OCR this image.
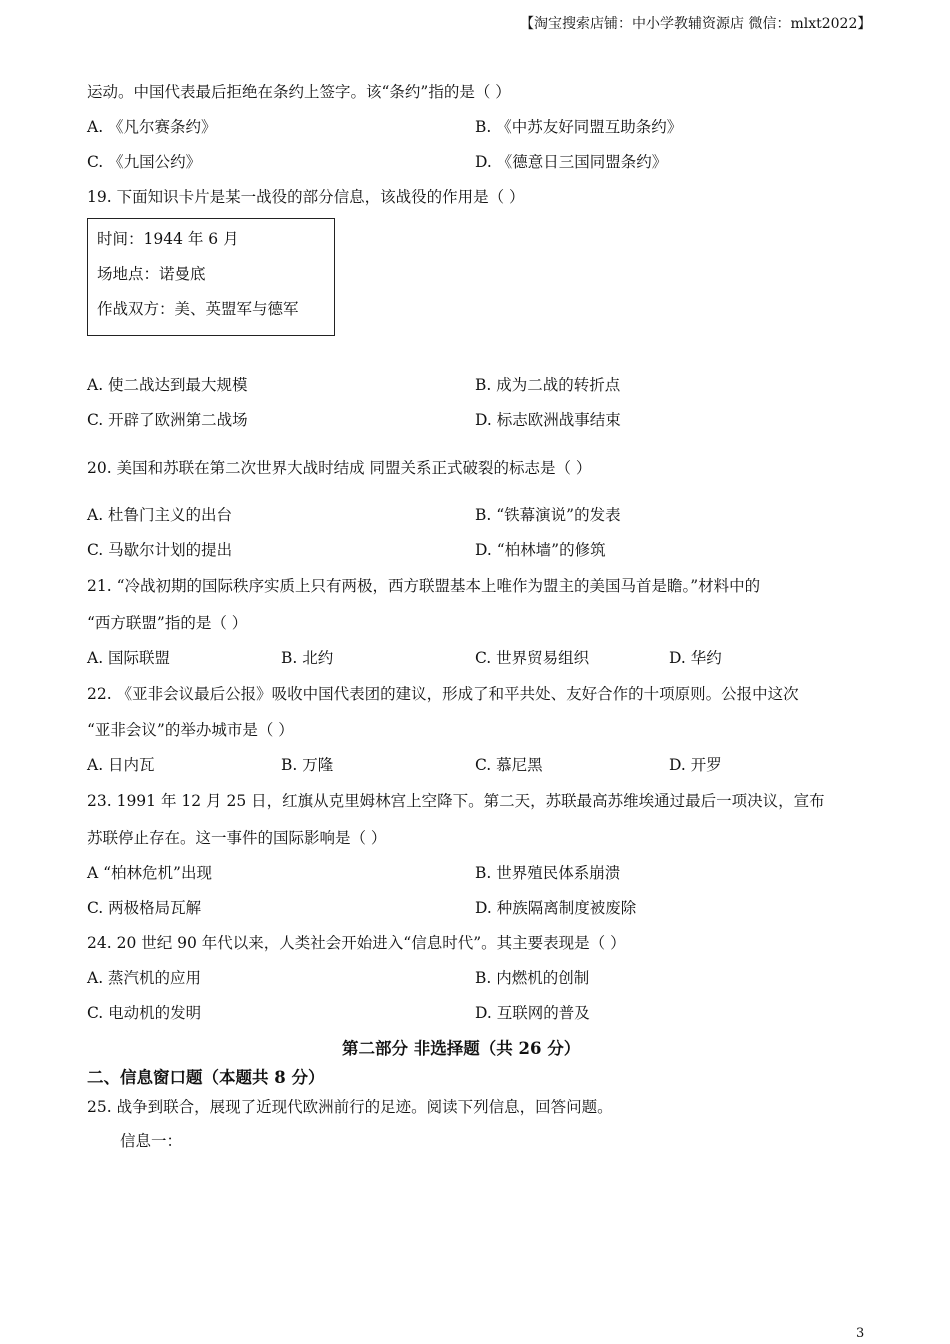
【淘宝搜索店铺：中小学教辅资源店 微信：mlxt2022】
运动。中国代表最后拒绝在条约上签字。该“条约”指的是（ ）
A. 《凡尔赛条约》	B. 《中苏友好同盟互助条约》
C. 《九国公约》	D. 《德意日三国同盟条约》
19. 下面知识卡片是某一战役的部分信息，该战役的作用是（ ）
时间：1944 年 6 月
场地点：诺曼底
作战双方：美、英盟军与德军
A. 使二战达到最大规模	B. 成为二战的转折点
C. 开辟了欧洲第二战场	D. 标志欧洲战事结束
20. 美国和苏联在第二次世界大战时结成 同盟关系正式破裂的标志是（ ）
A. 杜鲁门主义的出台	B. “铁幕演说”的发表
C. 马歇尔计划的提出	D. “柏林墙”的修筑
21. “冷战初期的国际秩序实质上只有两极，西方联盟基本上唯作为盟主的美国马首是瞻。”材料中的
“西方联盟”指的是（ ）
A. 国际联盟	B. 北约	C. 世界贸易组织	D. 华约
22. 《亚非会议最后公报》吸收中国代表团的建议，形成了和平共处、友好合作的十项原则。公报中这次
“亚非会议”的举办城市是（ ）
A. 日内瓦	B. 万隆	C. 慕尼黑	D. 开罗
23. 1991 年 12 月 25 日，红旗从克里姆林宫上空降下。第二天，苏联最高苏维埃通过最后一项决议，宣布
苏联停止存在。这一事件的国际影响是（ ）
A “柏林危机”出现	B. 世界殖民体系崩溃
C. 两极格局瓦解	D. 种族隔离制度被废除
24. 20 世纪 90 年代以来，人类社会开始进入“信息时代”。其主要表现是（ ）
A. 蒸汽机的应用	B. 内燃机的创制
C. 电动机的发明	D. 互联网的普及
第二部分 非选择题（共 26 分）
二、信息窗口题（本题共 8 分）
25. 战争到联合，展现了近现代欧洲前行的足迹。阅读下列信息，回答问题。
信息一：
3
